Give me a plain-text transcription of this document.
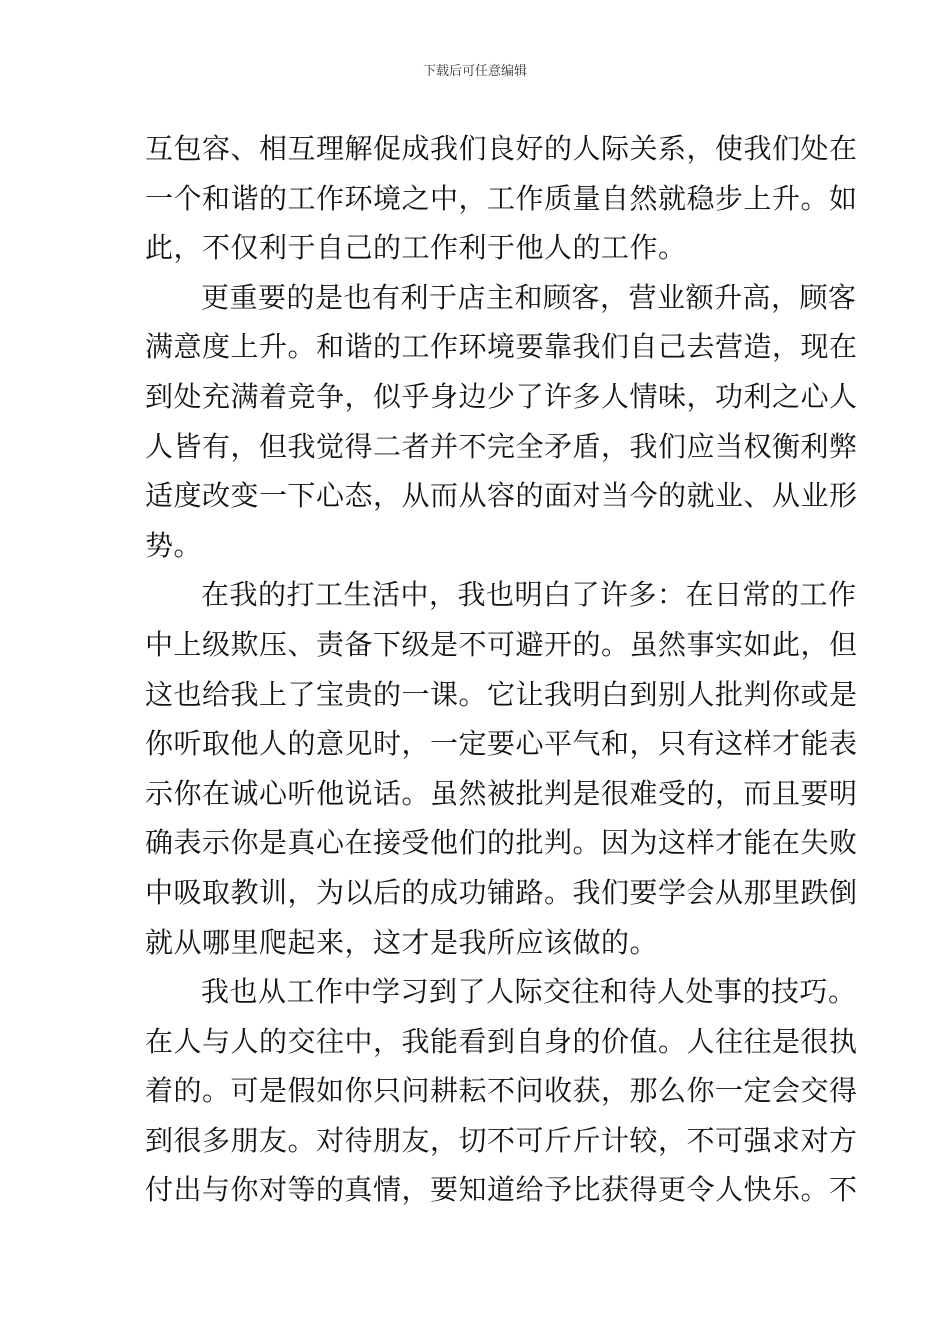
下载后可任意编辑
互包容、相互理解促成我们良好的人际关系，使我们处在
一个和谐的工作环境之中，工作质量自然就稳步上升。如
此，不仅利于自己的工作利于他人的工作。
更重要的是也有利于店主和顾客，营业额升高，顾客
满意度上升。和谐的工作环境要靠我们自己去营造，现在
到处充满着竞争，似乎身边少了许多人情味，功利之心人
人皆有，但我觉得二者并不完全矛盾，我们应当权衡利弊
适度改变一下心态，从而从容的面对当今的就业、从业形
势。
在我的打工生活中，我也明白了许多：在日常的工作
中上级欺压、责备下级是不可避开的。虽然事实如此，但
这也给我上了宝贵的一课。它让我明白到别人批判你或是
你听取他人的意见时，一定要心平气和，只有这样才能表
示你在诚心听他说话。虽然被批判是很难受的，而且要明
确表示你是真心在接受他们的批判。因为这样才能在失败
中吸取教训，为以后的成功铺路。我们要学会从那里跌倒
就从哪里爬起来，这才是我所应该做的。
我也从工作中学习到了人际交往和待人处事的技巧。
在人与人的交往中，我能看到自身的价值。人往往是很执
着的。可是假如你只问耕耘不问收获，那么你一定会交得
到很多朋友。对待朋友，切不可斤斤计较，不可强求对方
付出与你对等的真情，要知道给予比获得更令人快乐。不
